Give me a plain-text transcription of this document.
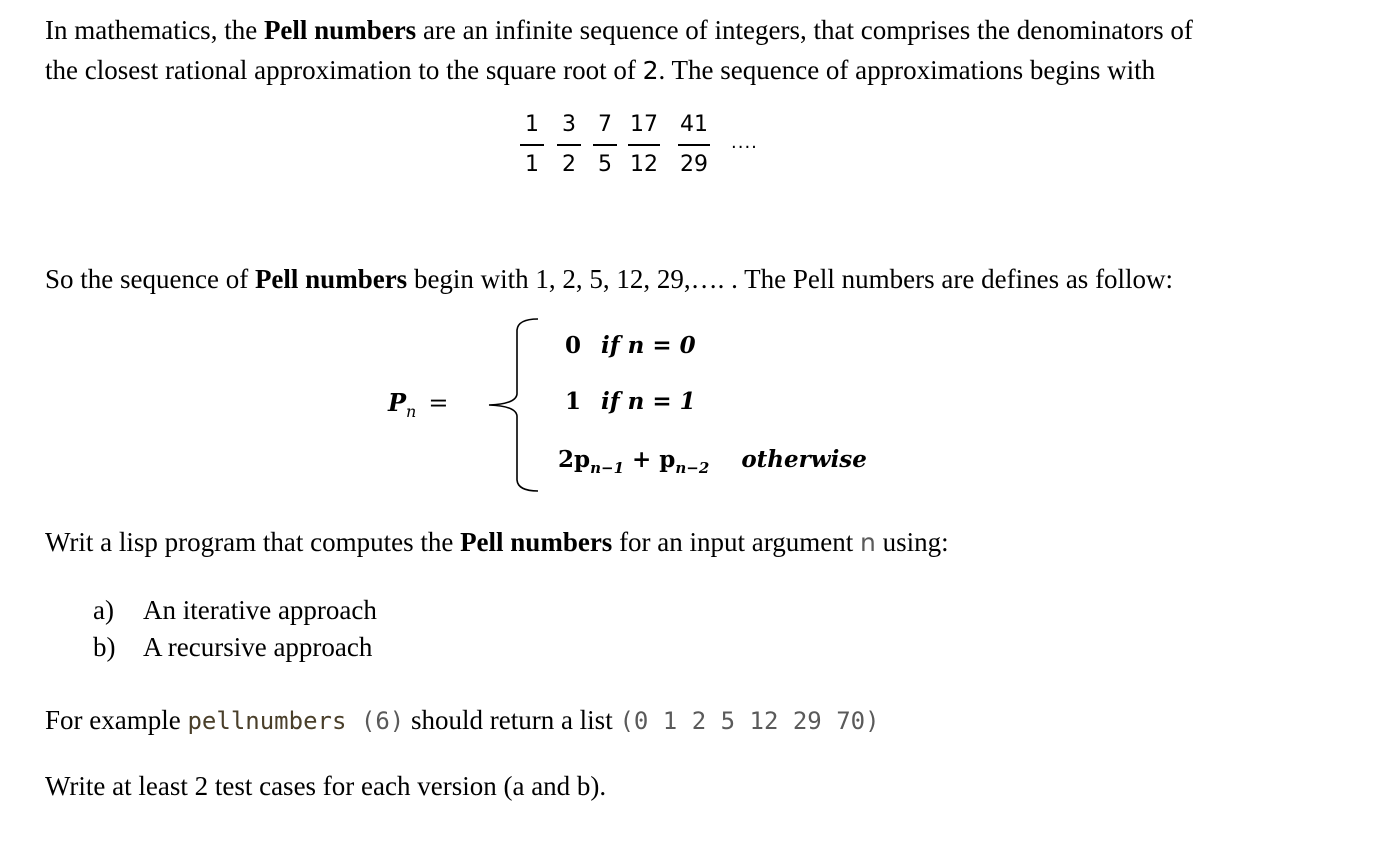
In mathematics, the Pell numbers are an infinite sequence of integers, that comprises the denominators of
the closest rational approximation to the square root of 2. The sequence of approximations begins with
1
1
3
2
7
5
17
12
41
29
....
So the sequence of Pell numbers begin with 1, 2, 5, 12, 29,…. . The Pell numbers are defines as follow:
$P_n$ =
0 if n = 0
1 if n = 1
$2p_{n-1} + p_{n-2}$ otherwise
Writ a lisp program that computes the Pell numbers for an input argument n using:
a) An iterative approach
b) A recursive approach
For example pellnumbers (6) should return a list (0 1 2 5 12 29 70)
Write at least 2 test cases for each version (a and b).
